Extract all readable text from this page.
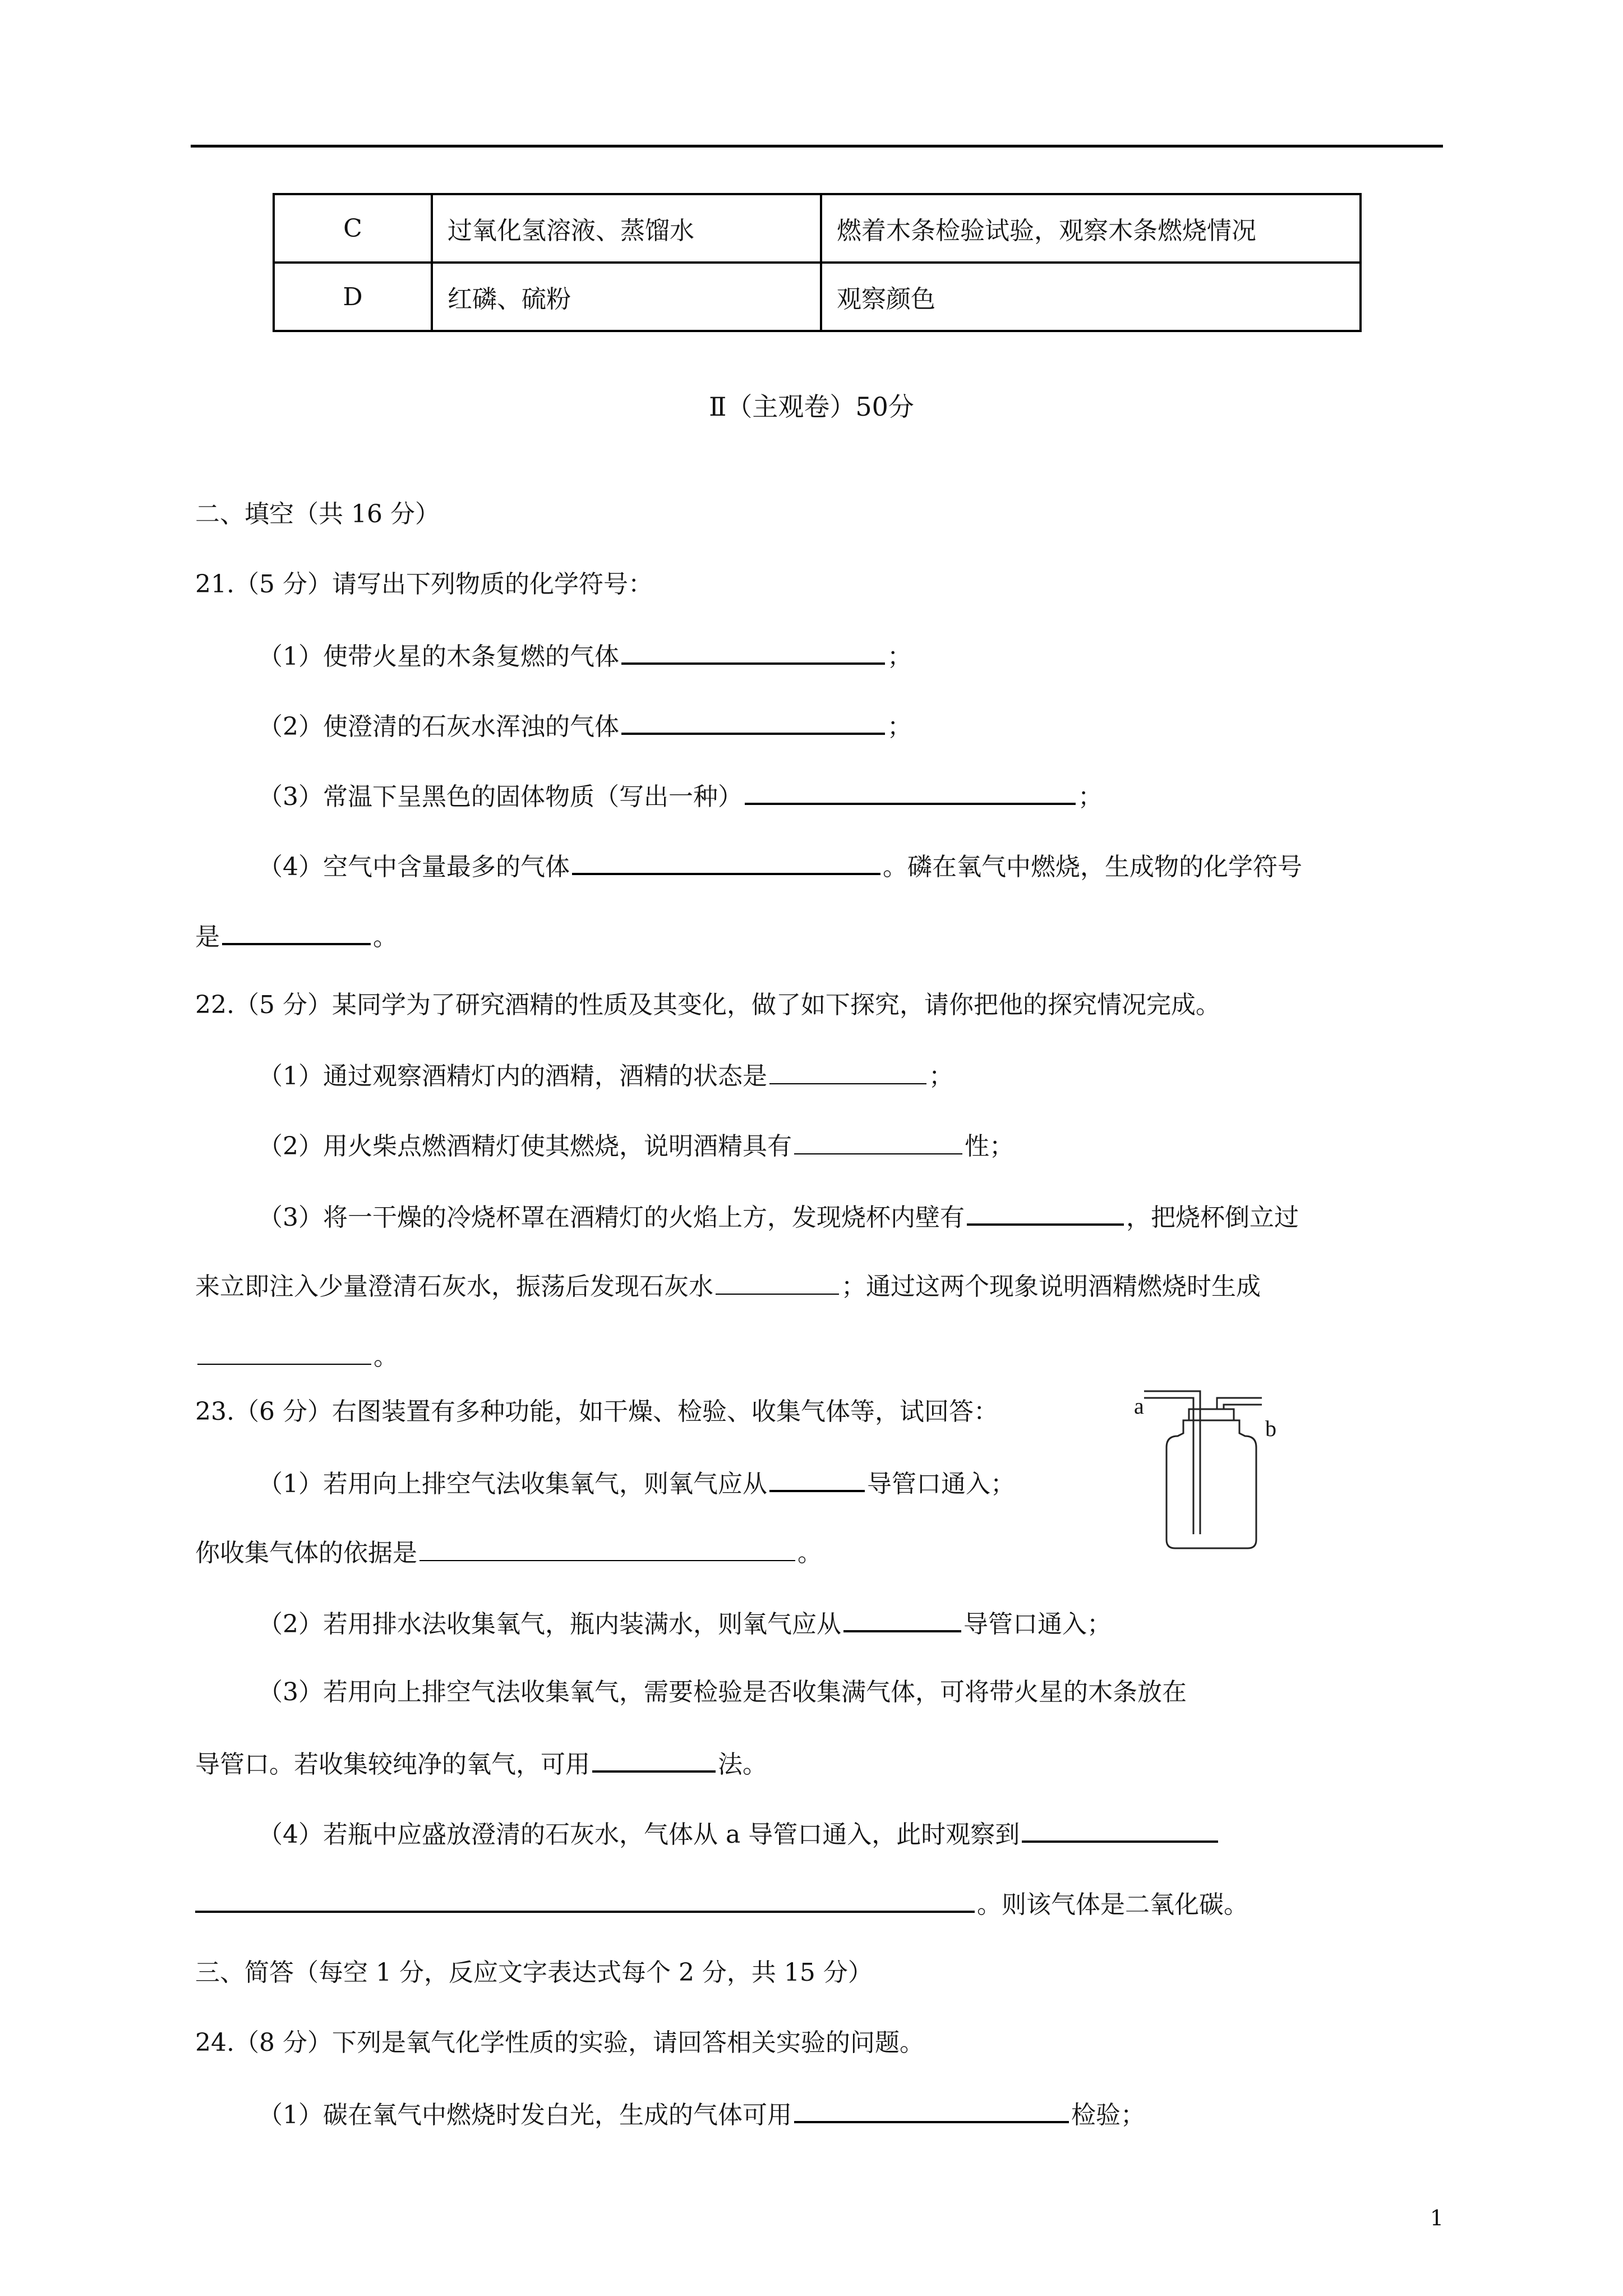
C	过氧化氢溶液、蒸馏水	燃着木条检验试验，观察木条燃烧情况
D	红磷、硫粉	观察颜色
Ⅱ（主观卷）50分
二、填空（共 16 分）
21.（5 分）请写出下列物质的化学符号：
（1）使带火星的木条复燃的气体	；
（2）使澄清的石灰水浑浊的气体	；
（3）常温下呈黑色的固体物质（写出一种）	；
（4）空气中含量最多的气体	。磷在氧气中燃烧，生成物的化学符号
是	。
22.（5 分）某同学为了研究酒精的性质及其变化，做了如下探究，请你把他的探究情况完成。
（1）通过观察酒精灯内的酒精，酒精的状态是	；
（2）用火柴点燃酒精灯使其燃烧，说明酒精具有	性；
（3）将一干燥的冷烧杯罩在酒精灯的火焰上方，发现烧杯内壁有	，把烧杯倒立过
来立即注入少量澄清石灰水，振荡后发现石灰水	；通过这两个现象说明酒精燃烧时生成
。
23.（6 分）右图装置有多种功能，如干燥、检验、收集气体等，试回答：	a
b
（1）若用向上排空气法收集氧气，则氧气应从	导管口通入；
你收集气体的依据是	。
（2）若用排水法收集氧气，瓶内装满水，则氧气应从	导管口通入；
（3）若用向上排空气法收集氧气，需要检验是否收集满气体，可将带火星的木条放在
导管口。若收集较纯净的氧气，可用	法。
（4）若瓶中应盛放澄清的石灰水，气体从 a 导管口通入，此时观察到
。则该气体是二氧化碳。
三、简答（每空 1 分，反应文字表达式每个 2 分，共 15 分）
24.（8 分）下列是氧气化学性质的实验，请回答相关实验的问题。
（1）碳在氧气中燃烧时发白光，生成的气体可用	检验；
1
